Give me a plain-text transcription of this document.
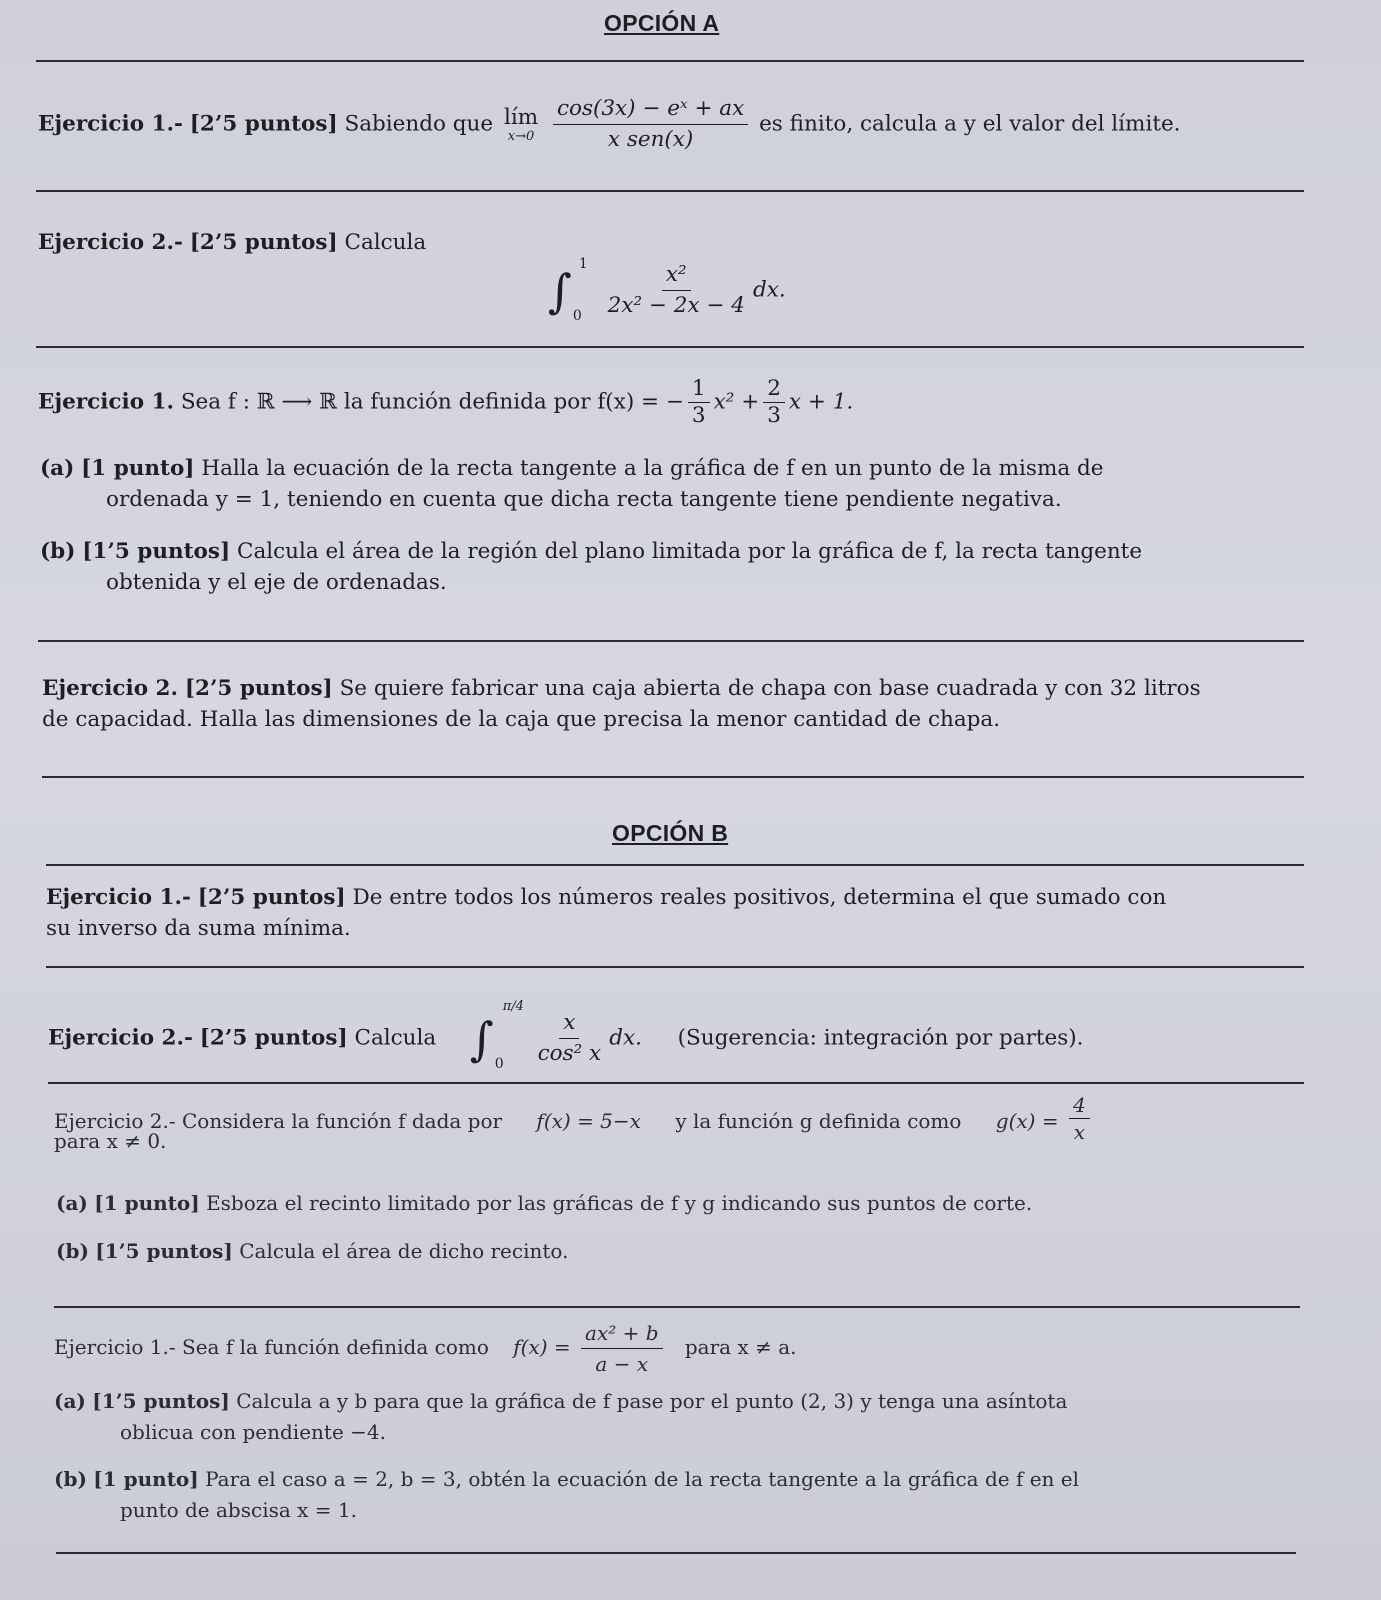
OPCIÓN A
Ejercicio 1.- [2’5 puntos] Sabiendo que lím
x→0
$\frac{\text{cos(3x) − eˣ + ax}}{\text{x sen(x)}}$ es finito, calcula a y el valor del límite.
Ejercicio 2.- [2’5 puntos] Calcula
∫ 1
0
$\frac{\text{x²}}{\text{2x² − 2x − 4}}$ dx.
Ejercicio 1. Sea f : ℝ ⟶ ℝ la función definida por f(x) = − $\frac{1}{3} x^2 + \frac{2}{3}$ x + 1.
(a) [1 punto] Halla la ecuación de la recta tangente a la gráfica de f en un punto de la misma de
ordenada y = 1, teniendo en cuenta que dicha recta tangente tiene pendiente negativa.
(b) [1’5 puntos] Calcula el área de la región del plano limitada por la gráfica de f, la recta tangente
obtenida y el eje de ordenadas.
Ejercicio 2. [2’5 puntos] Se quiere fabricar una caja abierta de chapa con base cuadrada y con 32 litros
de capacidad. Halla las dimensiones de la caja que precisa la menor cantidad de chapa.
OPCIÓN B
Ejercicio 1.- [2’5 puntos] De entre todos los números reales positivos, determina el que sumado con
su inverso da suma mínima.
Ejercicio 2.- [2’5 puntos] Calcula ∫
π/4
0
$\frac{x}{\text{cos² x}}$ dx. (Sugerencia: integración por partes).
Ejercicio 2.- Considera la función f dada por f(x) = 5−x y la función g definida como $g(x) = \frac{4}{x}$
para x ≠ 0.
(a) [1 punto] Esboza el recinto limitado por las gráficas de f y g indicando sus puntos de corte.
(b) [1’5 puntos] Calcula el área de dicho recinto.
Ejercicio 1.- Sea f la función definida como $f(x) = \frac{\text{ax² + b}}{a - x}$ para x ≠ a.
(a) [1’5 puntos] Calcula a y b para que la gráfica de f pase por el punto (2, 3) y tenga una asíntota
oblicua con pendiente −4.
(b) [1 punto] Para el caso a = 2, b = 3, obtén la ecuación de la recta tangente a la gráfica de f en el
punto de abscisa x = 1.
